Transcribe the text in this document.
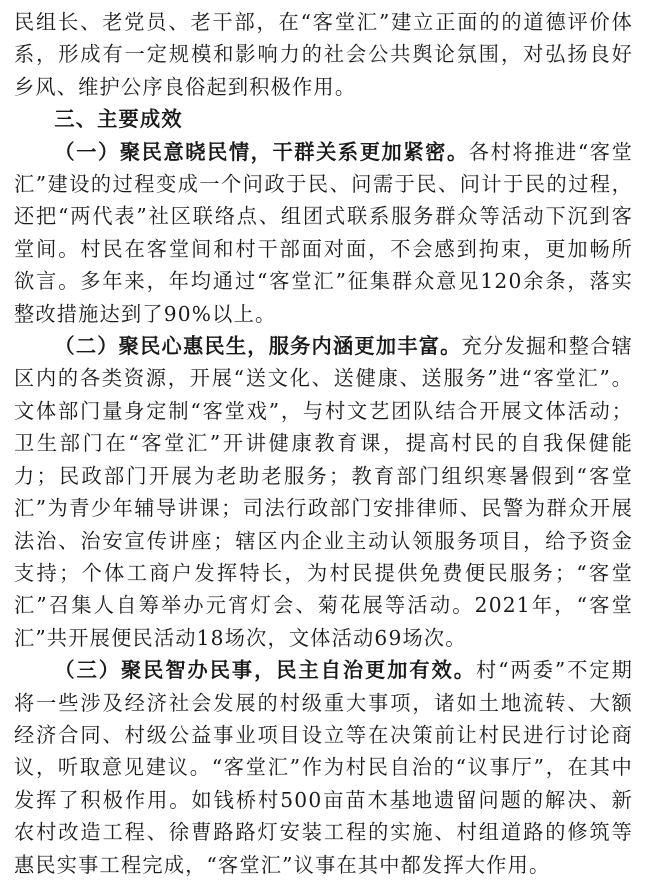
民组长、老党员、老干部，在“客堂汇”建立正面的的道德评价体系，形成有一定规模和影响力的社会公共舆论氛围，对弘扬良好乡风、维护公序良俗起到积极作用。

三、主要成效

（一）聚民意晓民情，干群关系更加紧密。各村将推进“客堂汇”建设的过程变成一个问政于民、问需于民、问计于民的过程，还把“两代表”社区联络点、组团式联系服务群众等活动下沉到客堂间。村民在客堂间和村干部面对面，不会感到拘束，更加畅所欲言。多年来，年均通过“客堂汇”征集群众意见120余条，落实整改措施达到了90%以上。

（二）聚民心惠民生，服务内涵更加丰富。充分发掘和整合辖区内的各类资源，开展“送文化、送健康、送服务”进“客堂汇”。文体部门量身定制“客堂戏”，与村文艺团队结合开展文体活动；卫生部门在“客堂汇”开讲健康教育课，提高村民的自我保健能力；民政部门开展为老助老服务；教育部门组织寒暑假到“客堂汇”为青少年辅导讲课；司法行政部门安排律师、民警为群众开展法治、治安宣传讲座；辖区内企业主动认领服务项目，给予资金支持；个体工商户发挥特长，为村民提供免费便民服务；“客堂汇”召集人自筹举办元宵灯会、菊花展等活动。2021年，“客堂汇”共开展便民活动18场次，文体活动69场次。

（三）聚民智办民事，民主自治更加有效。村“两委”不定期将一些涉及经济社会发展的村级重大事项，诸如土地流转、大额经济合同、村级公益事业项目设立等在决策前让村民进行讨论商议，听取意见建议。“客堂汇”作为村民自治的“议事厅”，在其中发挥了积极作用。如钱桥村500亩苗木基地遗留问题的解决、新农村改造工程、徐曹路路灯安装工程的实施、村组道路的修筑等惠民实事工程完成，“客堂汇”议事在其中都发挥大作用。
